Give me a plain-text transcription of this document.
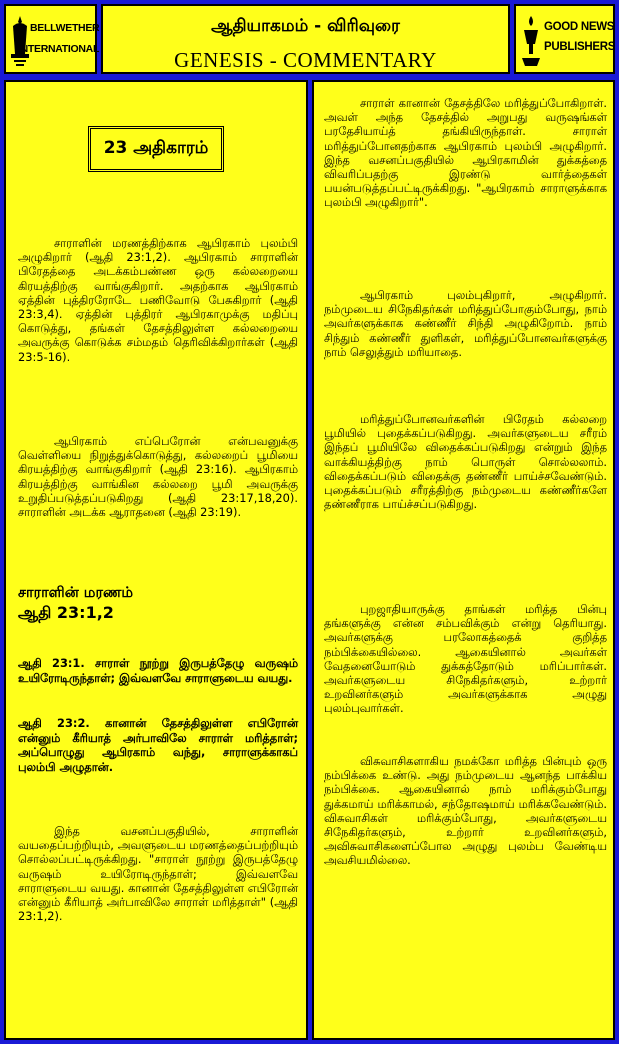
BELLWETHER
INTERNATIONAL
ஆதியாகமம் - விரிவுரை
GENESIS - COMMENTARY
GOOD NEWS
PUBLISHERS
23 அதிகாரம்

சாராளின் மரணத்திற்காக ஆபிரகாம் புலம்பி அழுகிறார் (ஆதி 23:1,2). ஆபிரகாம் சாராளின் பிரேதத்தை அடக்கம்பண்ண ஒரு கல்லறையை கிரயத்திற்கு வாங்குகிறார். அதற்காக ஆபிரகாம் ஏத்தின் புத்திரரோடே பணிவோடு பேசுகிறார் (ஆதி 23:3,4). ஏத்தின் புத்திரர் ஆபிரகாமுக்கு மதிப்பு கொடுத்து, தங்கள் தேசத்திலுள்ள கல்லறையை அவருக்கு கொடுக்க சம்மதம் தெரிவிக்கிறார்கள் (ஆதி 23:5-16).

ஆபிரகாம் எப்பெரோன் என்பவனுக்கு வெள்ளியை நிறுத்துக்கொடுத்து, கல்லறைப் பூமியை கிரயத்திற்கு வாங்குகிறார் (ஆதி 23:16). ஆபிரகாம் கிரயத்திற்கு வாங்கின கல்லறை பூமி அவருக்கு உறுதிப்படுத்தப்படுகிறது (ஆதி 23:17,18,20). சாராளின் அடக்க ஆராதனை (ஆதி 23:19).

சாராளின் மரணம்
ஆதி 23:1,2
ஆதி 23:1. சாராள் நூற்று இருபத்தேழு வருஷம் உயிரோடிருந்தாள்; இவ்வளவே சாராளுடைய வயது.
ஆதி 23:2. கானான் தேசத்திலுள்ள எபிரோன் என்னும் கீரியாத் அர்பாவிலே சாராள் மரித்தாள்; அப்பொழுது ஆபிரகாம் வந்து, சாராளுக்காகப் புலம்பி அழுதான்.

இந்த வசனப்பகுதியில், சாராளின் வயதைப்பற்றியும், அவளுடைய மரணத்தைப்பற்றியும் சொல்லப்பட்டிருக்கிறது. "சாராள் நூற்று இருபத்தேழு வருஷம் உயிரோடிருந்தாள்; இவ்வளவே சாராளுடைய வயது. கானான் தேசத்திலுள்ள எபிரோன் என்னும் கீரியாத் அர்பாவிலே சாராள் மரித்தாள்" (ஆதி 23:1,2).

சாராள் கானான் தேசத்திலே மரித்துப்போகிறாள். அவள் அந்த தேசத்தில் அறுபது வருஷங்கள் பரதேசியாய்த் தங்கியிருந்தாள். சாராள் மரித்துப்போனதற்காக ஆபிரகாம் புலம்பி அழுகிறார். இந்த வசனப்பகுதியில் ஆபிரகாமின் துக்கத்தை விவரிப்பதற்கு இரண்டு வார்த்தைகள் பயன்படுத்தப்பட்டிருக்கிறது. "ஆபிரகாம் சாராளுக்காக புலம்பி அழுகிறார்".

ஆபிரகாம் புலம்புகிறார், அழுகிறார். நம்முடைய சிநேகிதர்கள் மரித்துப்போகும்போது, நாம் அவர்களுக்காக கண்ணீர் சிந்தி அழுகிறோம். நாம் சிந்தும் கண்ணீர் துளிகள், மரித்துப்போனவர்களுக்கு நாம் செலுத்தும் மரியாதை.

மரித்துப்போனவர்களின் பிரேதம் கல்லறை பூமியில் புதைக்கப்படுகிறது. அவர்களுடைய சரீரம் இந்தப் பூமியிலே விதைக்கப்படுகிறது என்றும் இந்த வாக்கியத்திற்கு நாம் பொருள் சொல்லலாம். விதைக்கப்படும் விதைக்கு தண்ணீர் பாய்ச்சவேண்டும். புதைக்கப்படும் சரீரத்திற்கு நம்முடைய கண்ணீர்களே தண்ணீராக பாய்ச்சப்படுகிறது.

புறஜாதியாருக்கு தாங்கள் மரித்த பின்பு தங்களுக்கு என்ன சம்பவிக்கும் என்று தெரியாது. அவர்களுக்கு பரலோகத்தைக் குறித்த நம்பிக்கையில்லை. ஆகையினால் அவர்கள் வேதனையோடும் துக்கத்தோடும் மரிப்பார்கள். அவர்களுடைய சிநேகிதர்களும், உற்றார் உறவினர்களும் அவர்களுக்காக அழுது புலம்புவார்கள்.

விசுவாசிகளாகிய நமக்கோ மரித்த பின்பும் ஒரு நம்பிக்கை உண்டு. அது நம்முடைய ஆனந்த பாக்கிய நம்பிக்கை. ஆகையினால் நாம் மரிக்கும்போது துக்கமாய் மரிக்காமல், சந்தோஷமாய் மரிக்கவேண்டும். விசுவாசிகள் மரிக்கும்போது, அவர்களுடைய சிநேகிதர்களும், உற்றார் உறவினர்களும், அவிசுவாசிகளைப்போல அழுது புலம்ப வேண்டிய அவசியமில்லை.
